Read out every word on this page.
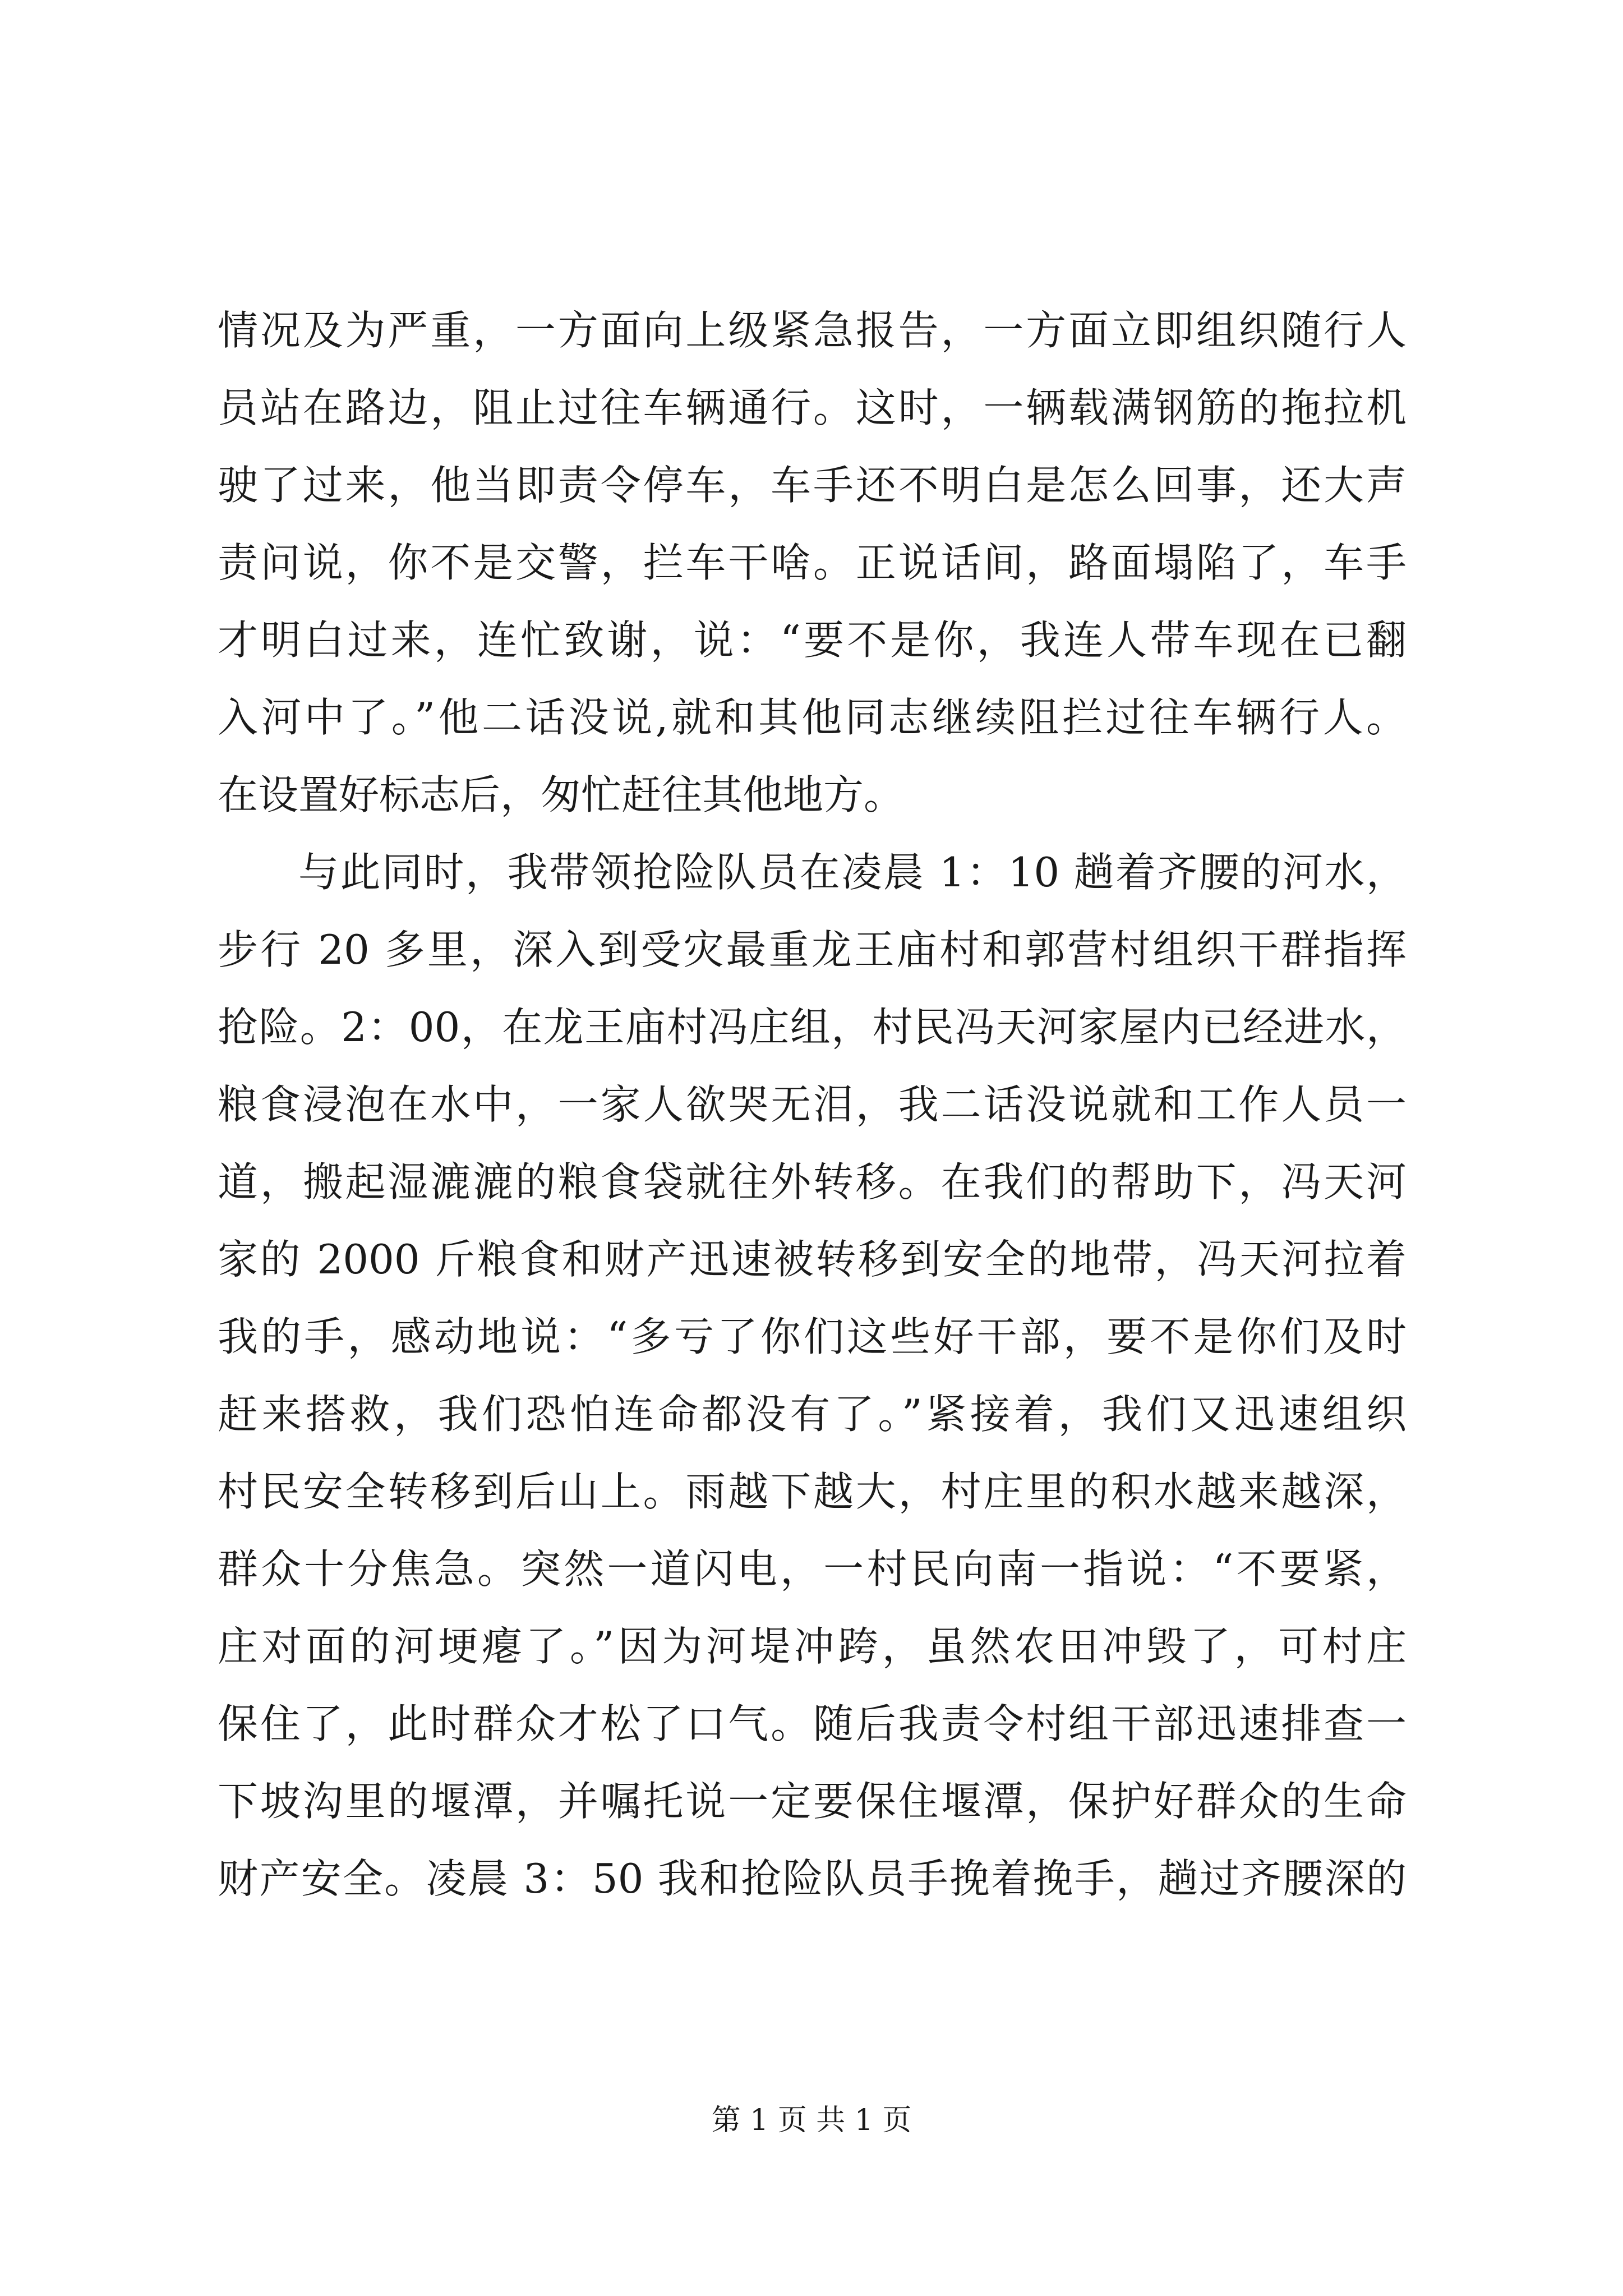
情况及为严重，一方面向上级紧急报告，一方面立即组织随行人
员站在路边，阻止过往车辆通行。这时，一辆载满钢筋的拖拉机
驶了过来，他当即责令停车，车手还不明白是怎么回事，还大声
责问说，你不是交警，拦车干啥。正说话间，路面塌陷了，车手
才明白过来，连忙致谢，说：“要不是你，我连人带车现在已翻
入河中了。”他二话没说,就和其他同志继续阻拦过往车辆行人。
在设置好标志后，匆忙赶往其他地方。
与此同时，我带领抢险队员在凌晨 1：10 趟着齐腰的河水，
步行 20 多里，深入到受灾最重龙王庙村和郭营村组织干群指挥
抢险。2：00，在龙王庙村冯庄组，村民冯天河家屋内已经进水，
粮食浸泡在水中，一家人欲哭无泪，我二话没说就和工作人员一
道，搬起湿漉漉的粮食袋就往外转移。在我们的帮助下，冯天河
家的 2000 斤粮食和财产迅速被转移到安全的地带，冯天河拉着
我的手，感动地说：“多亏了你们这些好干部，要不是你们及时
赶来搭救，我们恐怕连命都没有了。”紧接着，我们又迅速组织
村民安全转移到后山上。雨越下越大，村庄里的积水越来越深，
群众十分焦急。突然一道闪电，一村民向南一指说：“不要紧，
庄对面的河埂瘪了。”因为河堤冲跨，虽然农田冲毁了，可村庄
保住了，此时群众才松了口气。随后我责令村组干部迅速排查一
下坡沟里的堰潭，并嘱托说一定要保住堰潭，保护好群众的生命
财产安全。凌晨 3：50 我和抢险队员手挽着挽手，趟过齐腰深的
第 1 页 共 1 页
